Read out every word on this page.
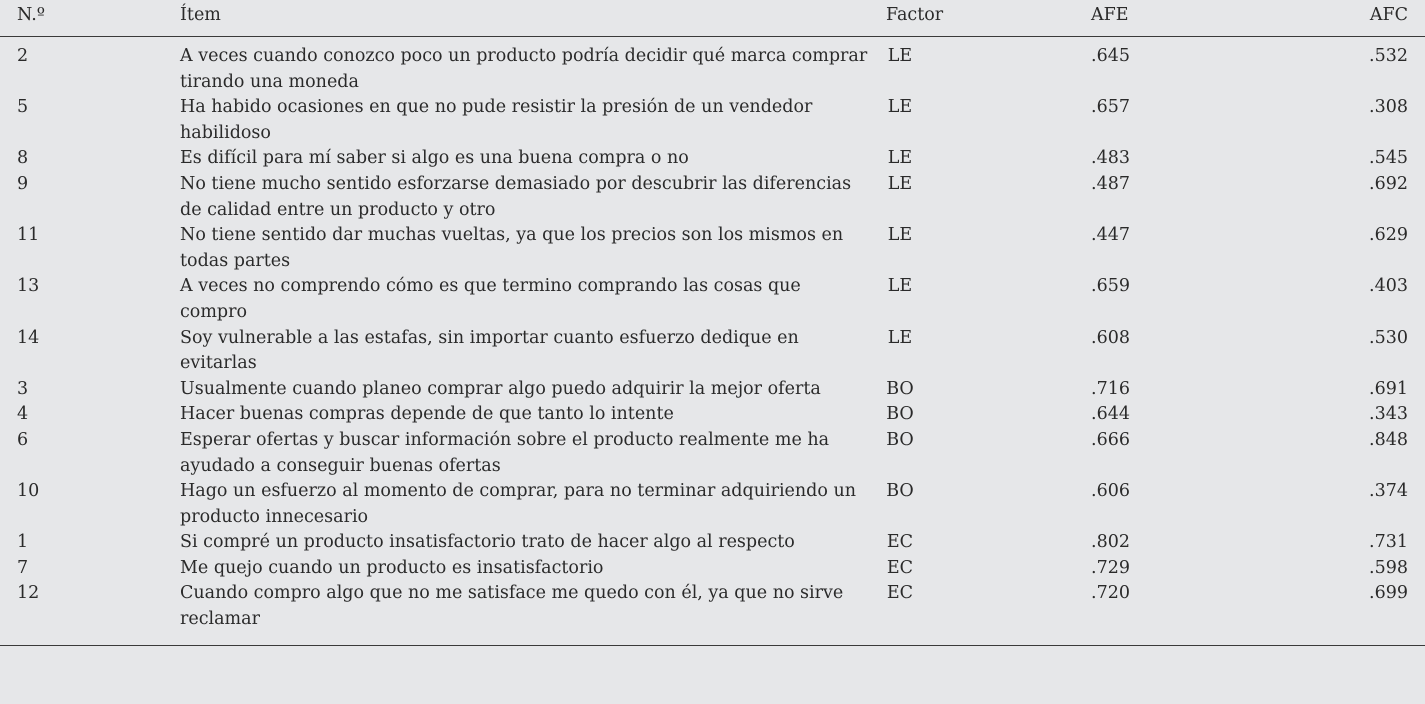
N.º	Ítem	Factor	AFE	AFC
2	A veces cuando conozco poco un producto podría decidir qué marca comprar tirando una moneda	LE	.645	.532
5	Ha habido ocasiones en que no pude resistir la presión de un vendedor habilidoso	LE	.657	.308
8	Es difícil para mí saber si algo es una buena compra o no	LE	.483	.545
9	No tiene mucho sentido esforzarse demasiado por descubrir las diferencias de calidad entre un producto y otro	LE	.487	.692
11	No tiene sentido dar muchas vueltas, ya que los precios son los mismos en todas partes	LE	.447	.629
13	A veces no comprendo cómo es que termino comprando las cosas que compro	LE	.659	.403
14	Soy vulnerable a las estafas, sin importar cuanto esfuerzo dedique en evitarlas	LE	.608	.530
3	Usualmente cuando planeo comprar algo puedo adquirir la mejor oferta	BO	.716	.691
4	Hacer buenas compras depende de que tanto lo intente	BO	.644	.343
6	Esperar ofertas y buscar información sobre el producto realmente me ha ayudado a conseguir buenas ofertas	BO	.666	.848
10	Hago un esfuerzo al momento de comprar, para no terminar adquiriendo un producto innecesario	BO	.606	.374
1	Si compré un producto insatisfactorio trato de hacer algo al respecto	EC	.802	.731
7	Me quejo cuando un producto es insatisfactorio	EC	.729	.598
12	Cuando compro algo que no me satisface me quedo con él, ya que no sirve reclamar	EC	.720	.699
